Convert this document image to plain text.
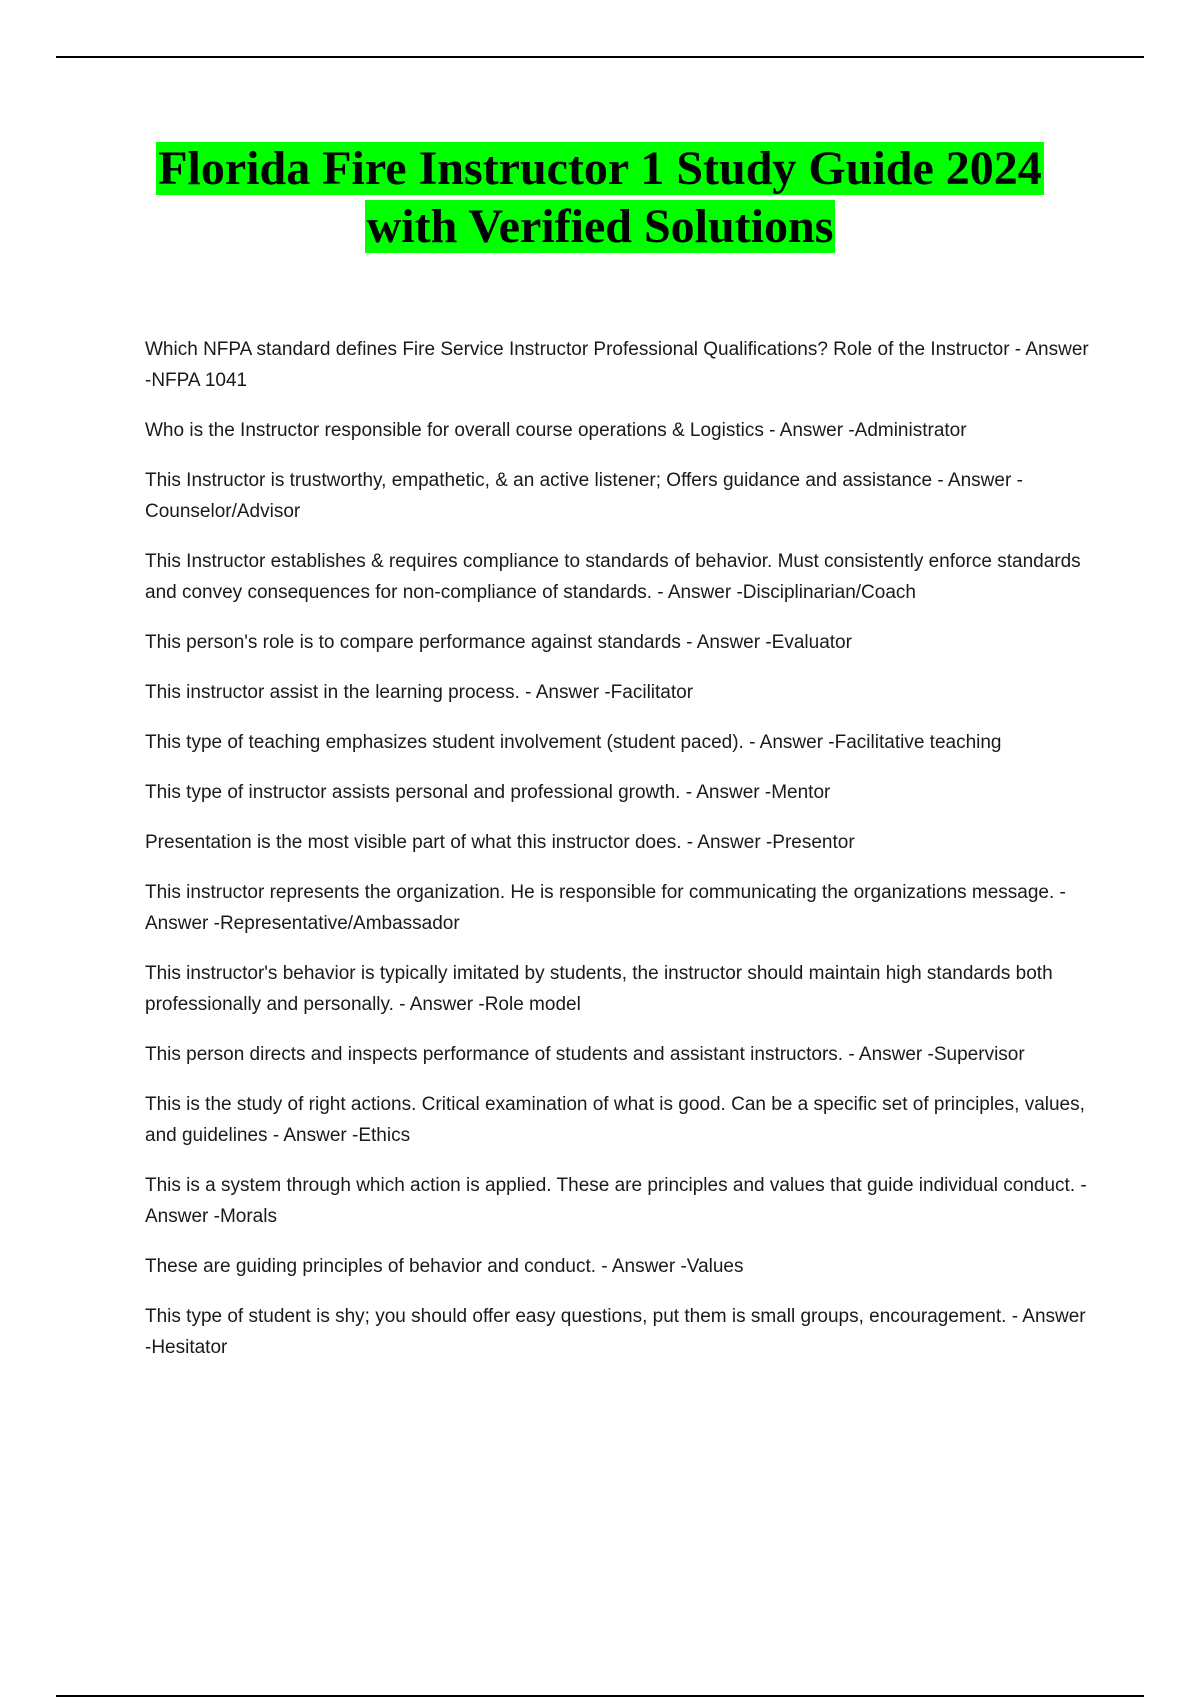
Florida Fire Instructor 1 Study Guide 2024
with Verified Solutions

Which NFPA standard defines Fire Service Instructor Professional Qualifications? Role of the Instructor - Answer -NFPA 1041

Who is the Instructor responsible for overall course operations & Logistics - Answer -Administrator

This Instructor is trustworthy, empathetic, & an active listener; Offers guidance and assistance - Answer -Counselor/Advisor

This Instructor establishes & requires compliance to standards of behavior. Must consistently enforce standards and convey consequences for non-compliance of standards. - Answer -Disciplinarian/Coach

This person's role is to compare performance against standards - Answer -Evaluator

This instructor assist in the learning process. - Answer -Facilitator

This type of teaching emphasizes student involvement (student paced). - Answer -Facilitative teaching

This type of instructor assists personal and professional growth. - Answer -Mentor

Presentation is the most visible part of what this instructor does. - Answer -Presentor

This instructor represents the organization. He is responsible for communicating the organizations message. - Answer -Representative/Ambassador

This instructor's behavior is typically imitated by students, the instructor should maintain high standards both professionally and personally. - Answer -Role model

This person directs and inspects performance of students and assistant instructors. - Answer -Supervisor

This is the study of right actions. Critical examination of what is good. Can be a specific set of principles, values, and guidelines - Answer -Ethics

This is a system through which action is applied. These are principles and values that guide individual conduct. - Answer -Morals

These are guiding principles of behavior and conduct. - Answer -Values

This type of student is shy; you should offer easy questions, put them is small groups, encouragement. - Answer -Hesitator
